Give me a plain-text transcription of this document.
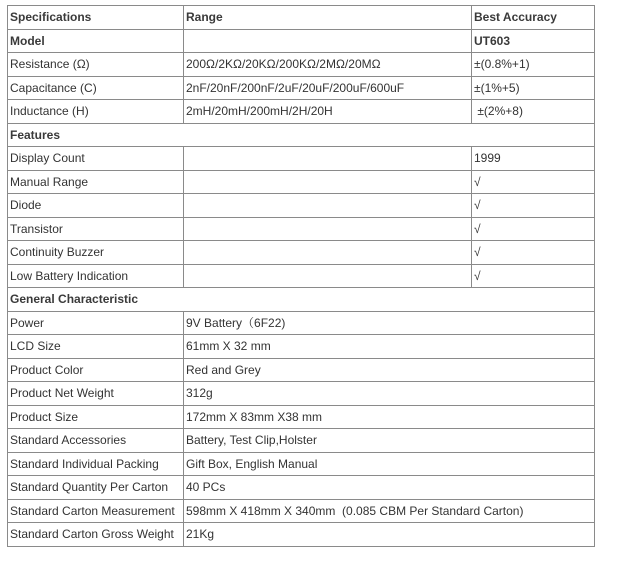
Specifications	Range	Best Accuracy
Model		UT603
Resistance (Ω)	200Ω/2KΩ/20KΩ/200KΩ/2MΩ/20MΩ	±(0.8%+1)
Capacitance (C)	2nF/20nF/200nF/2uF/20uF/200uF/600uF	±(1%+5)
Inductance (H)	2mH/20mH/200mH/2H/20H	±(2%+8)
Features		
Display Count		1999
Manual Range		√
Diode		√
Transistor		√
Continuity Buzzer		√
Low Battery Indication		√
General Characteristic		
Power	9V Battery（6F22)	
LCD Size	61mm X 32 mm	
Product Color	Red and Grey	
Product Net Weight	312g	
Product Size	172mm X 83mm X38 mm	
Standard Accessories	Battery, Test Clip,Holster	
Standard Individual Packing	Gift Box, English Manual	
Standard Quantity Per Carton	40 PCs	
Standard Carton Measurement	598mm X 418mm X 340mm  (0.085 CBM Per Standard Carton)	
Standard Carton Gross Weight	21Kg	
